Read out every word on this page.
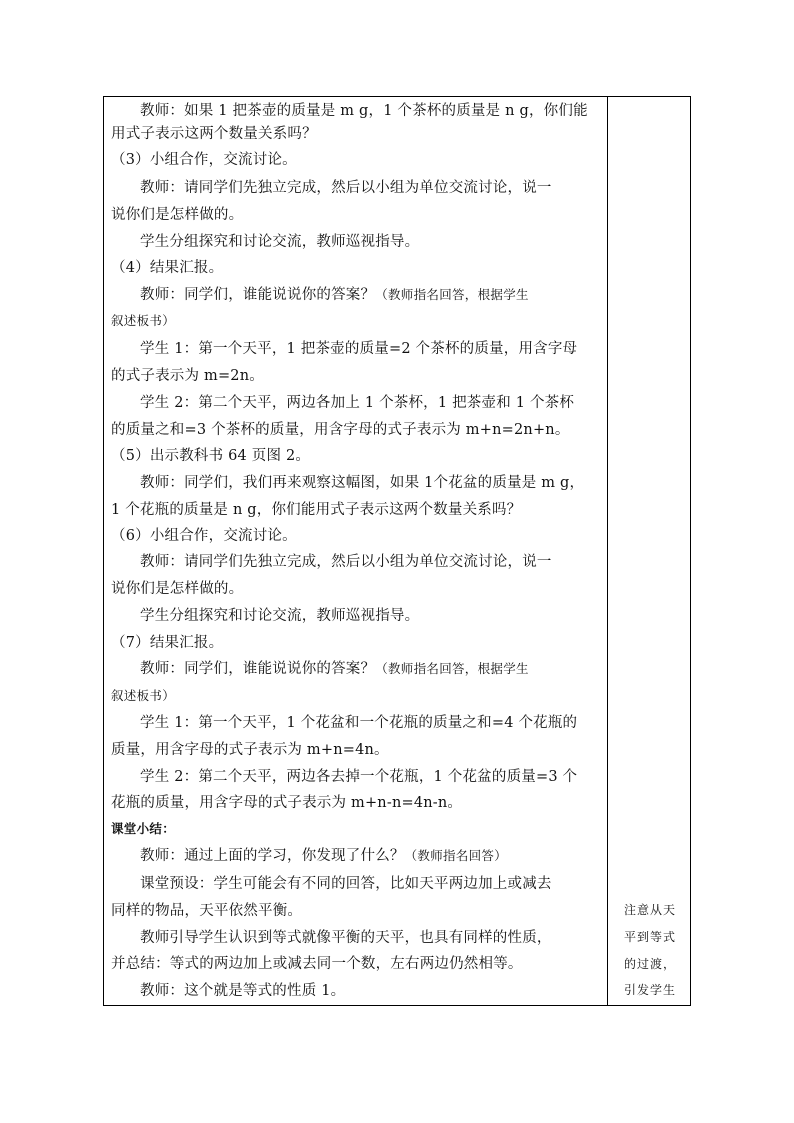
教师：如果 1 把茶壶的质量是 m g，1 个茶杯的质量是 n g，你们能
用式子表示这两个数量关系吗？
（3）小组合作，交流讨论。
教师：请同学们先独立完成，然后以小组为单位交流讨论，说一
说你们是怎样做的。
学生分组探究和讨论交流，教师巡视指导。
（4）结果汇报。
教师：同学们，谁能说说你的答案？（教师指名回答，根据学生
叙述板书）
学生 1：第一个天平，1 把茶壶的质量=2 个茶杯的质量，用含字母
的式子表示为 m=2n。
学生 2：第二个天平，两边各加上 1 个茶杯，1 把茶壶和 1 个茶杯
的质量之和=3 个茶杯的质量，用含字母的式子表示为 m+n=2n+n。
（5）出示教科书 64 页图 2。
教师：同学们，我们再来观察这幅图，如果 1个花盆的质量是 m g，
1 个花瓶的质量是 n g，你们能用式子表示这两个数量关系吗？
（6）小组合作，交流讨论。
教师：请同学们先独立完成，然后以小组为单位交流讨论，说一
说你们是怎样做的。
学生分组探究和讨论交流，教师巡视指导。
（7）结果汇报。
教师：同学们，谁能说说你的答案？（教师指名回答，根据学生
叙述板书）
学生 1：第一个天平，1 个花盆和一个花瓶的质量之和=4 个花瓶的
质量，用含字母的式子表示为 m+n=4n。
学生 2：第二个天平，两边各去掉一个花瓶，1 个花盆的质量=3 个
花瓶的质量，用含字母的式子表示为 m+n-n=4n-n。
课堂小结：
教师：通过上面的学习，你发现了什么？（教师指名回答）
课堂预设：学生可能会有不同的回答，比如天平两边加上或减去
同样的物品，天平依然平衡。
教师引导学生认识到等式就像平衡的天平，也具有同样的性质，
并总结：等式的两边加上或减去同一个数，左右两边仍然相等。
教师：这个就是等式的性质 1。
注意从天
平到等式
的过渡，
引发学生
